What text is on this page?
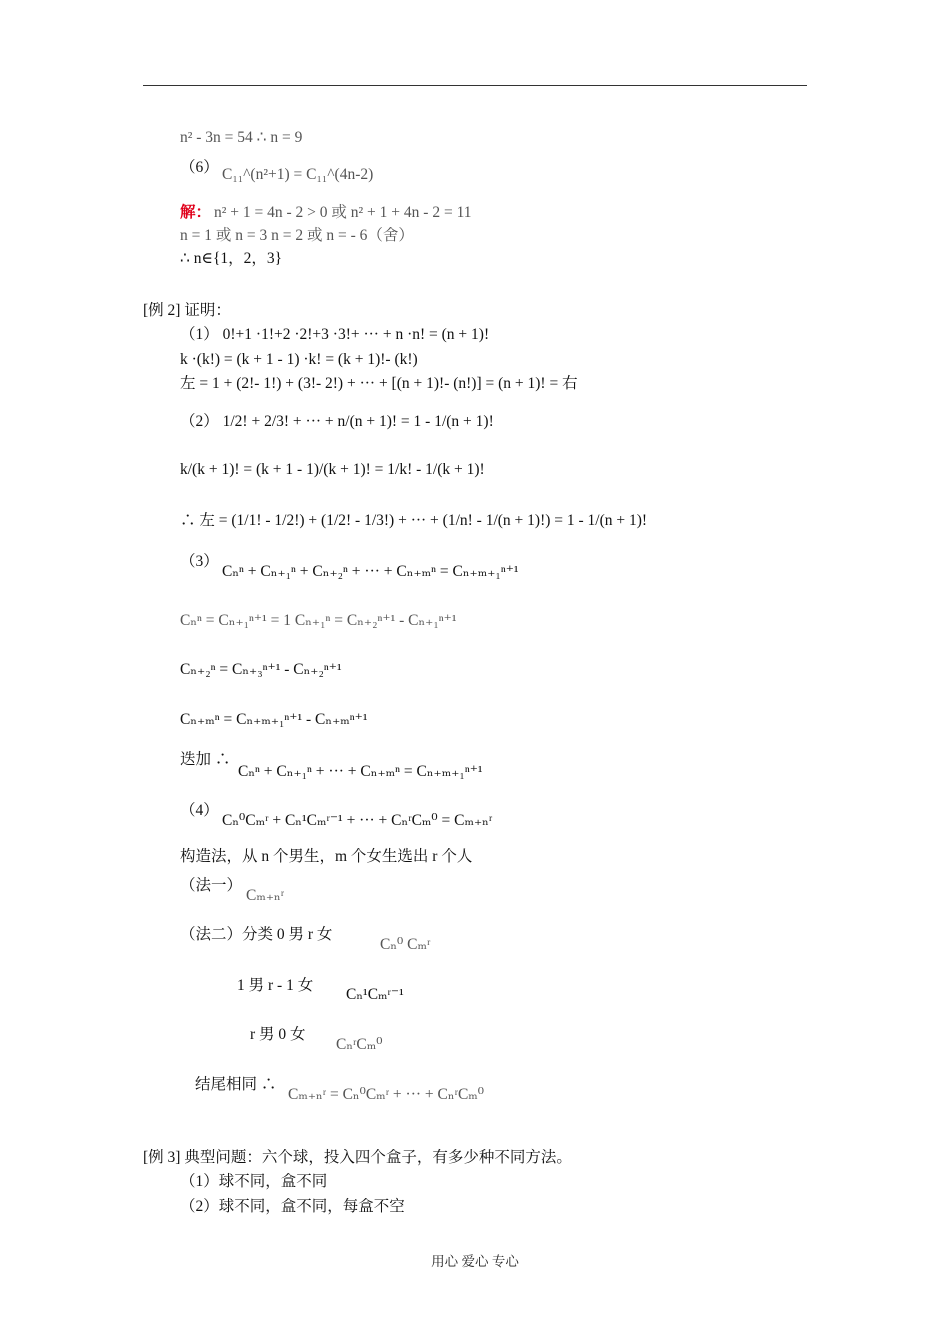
n² - 3n = 54 ∴ n = 9
（6） C₁₁^(n²+1) = C₁₁^(4n-2)
解： n² + 1 = 4n - 2 > 0 或 n² + 1 + 4n - 2 = 11
n = 1 或 n = 3 n = 2 或 n = - 6（舍）
∴ n∈{1，2，3}
[例 2] 证明：
（1） 0!+1 ·1!+2 ·2!+3 ·3!+ ··· + n ·n! = (n + 1)!
k ·(k!) = (k + 1 - 1) ·k! = (k + 1)!- (k!)
左 = 1 + (2!- 1!) + (3!- 2!) + ··· + [(n + 1)!- (n!)] = (n + 1)! = 右
（2） 1/2! + 2/3! + ··· + n/(n + 1)! = 1 - 1/(n + 1)!
k/(k + 1)! = (k + 1 - 1)/(k + 1)! = 1/k! - 1/(k + 1)!
∴ 左 = (1/1! - 1/2!) + (1/2! - 1/3!) + ··· + (1/n! - 1/(n + 1)!) = 1 - 1/(n + 1)!
（3）
Cₙⁿ + Cₙ₊₁ⁿ + Cₙ₊₂ⁿ + ··· + Cₙ₊ₘⁿ = Cₙ₊ₘ₊₁ⁿ⁺¹
Cₙⁿ = Cₙ₊₁ⁿ⁺¹ = 1 Cₙ₊₁ⁿ = Cₙ₊₂ⁿ⁺¹ - Cₙ₊₁ⁿ⁺¹
Cₙ₊₂ⁿ = Cₙ₊₃ⁿ⁺¹ - Cₙ₊₂ⁿ⁺¹
Cₙ₊ₘⁿ = Cₙ₊ₘ₊₁ⁿ⁺¹ - Cₙ₊ₘⁿ⁺¹
迭加 ∴
Cₙⁿ + Cₙ₊₁ⁿ + ··· + Cₙ₊ₘⁿ = Cₙ₊ₘ₊₁ⁿ⁺¹
（4）
Cₙ⁰Cₘʳ + Cₙ¹Cₘʳ⁻¹ + ··· + CₙʳCₘ⁰ = Cₘ₊ₙʳ
构造法，从 n 个男生，m 个女生选出 r 个人
（法一）
Cₘ₊ₙʳ
（法二）分类 0 男 r 女
Cₙ⁰ Cₘʳ
1 男 r - 1 女
Cₙ¹Cₘʳ⁻¹
r 男 0 女
CₙʳCₘ⁰
结尾相同 ∴
Cₘ₊ₙʳ = Cₙ⁰Cₘʳ + ··· + CₙʳCₘ⁰
[例 3] 典型问题：六个球，投入四个盒子，有多少种不同方法。
（1）球不同，盒不同
（2）球不同，盒不同，每盒不空
用心 爱心 专心
